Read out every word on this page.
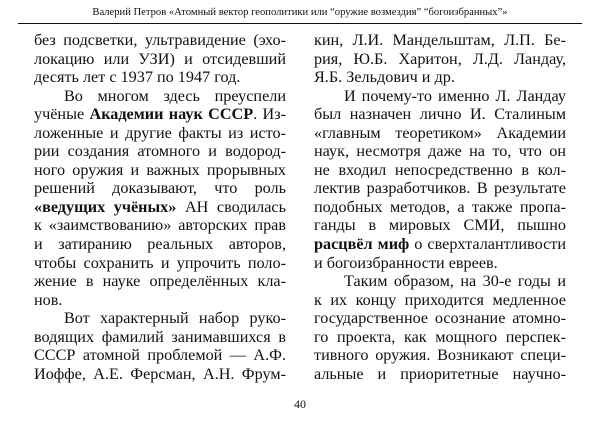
Валерий Петров «Атомный вектор геополитики или “оружие возмездия” “богоизбранных”»
без подсветки, ультравидение (эхо-
локацию или УЗИ) и отсидевший
десять лет с 1937 по 1947 год.
Во многом здесь преуспели
учёные Академии наук СССР. Из-
ложенные и другие факты из исто-
рии создания атомного и водород-
ного оружия и важных прорывных
решений доказывают, что роль
«ведущих учёных» АН сводилась
к «заимствованию» авторских прав
и затиранию реальных авторов,
чтобы сохранить и упрочить поло-
жение в науке определённых кла-
нов.
Вот характерный набор руко-
водящих фамилий занимавшихся в
СССР атомной проблемой — А.Ф.
Иоффе, А.Е. Ферсман, А.Н. Фрум-
кин, Л.И. Мандельштам, Л.П. Бе-
рия, Ю.Б. Харитон, Л.Д. Ландау,
Я.Б. Зельдович и др.
И почему-то именно Л. Ландау
был назначен лично И. Сталиным
«главным теоретиком» Академии
наук, несмотря даже на то, что он
не входил непосредственно в кол-
лектив разработчиков. В результате
подобных методов, а также пропа-
ганды в мировых СМИ, пышно
расцвёл миф о сверхталантливости
и богоизбранности евреев.
Таким образом, на 30-е годы и
к их концу приходится медленное
государственное осознание атомно-
го проекта, как мощного перспек-
тивного оружия. Возникают специ-
альные и приоритетные научно-
40
